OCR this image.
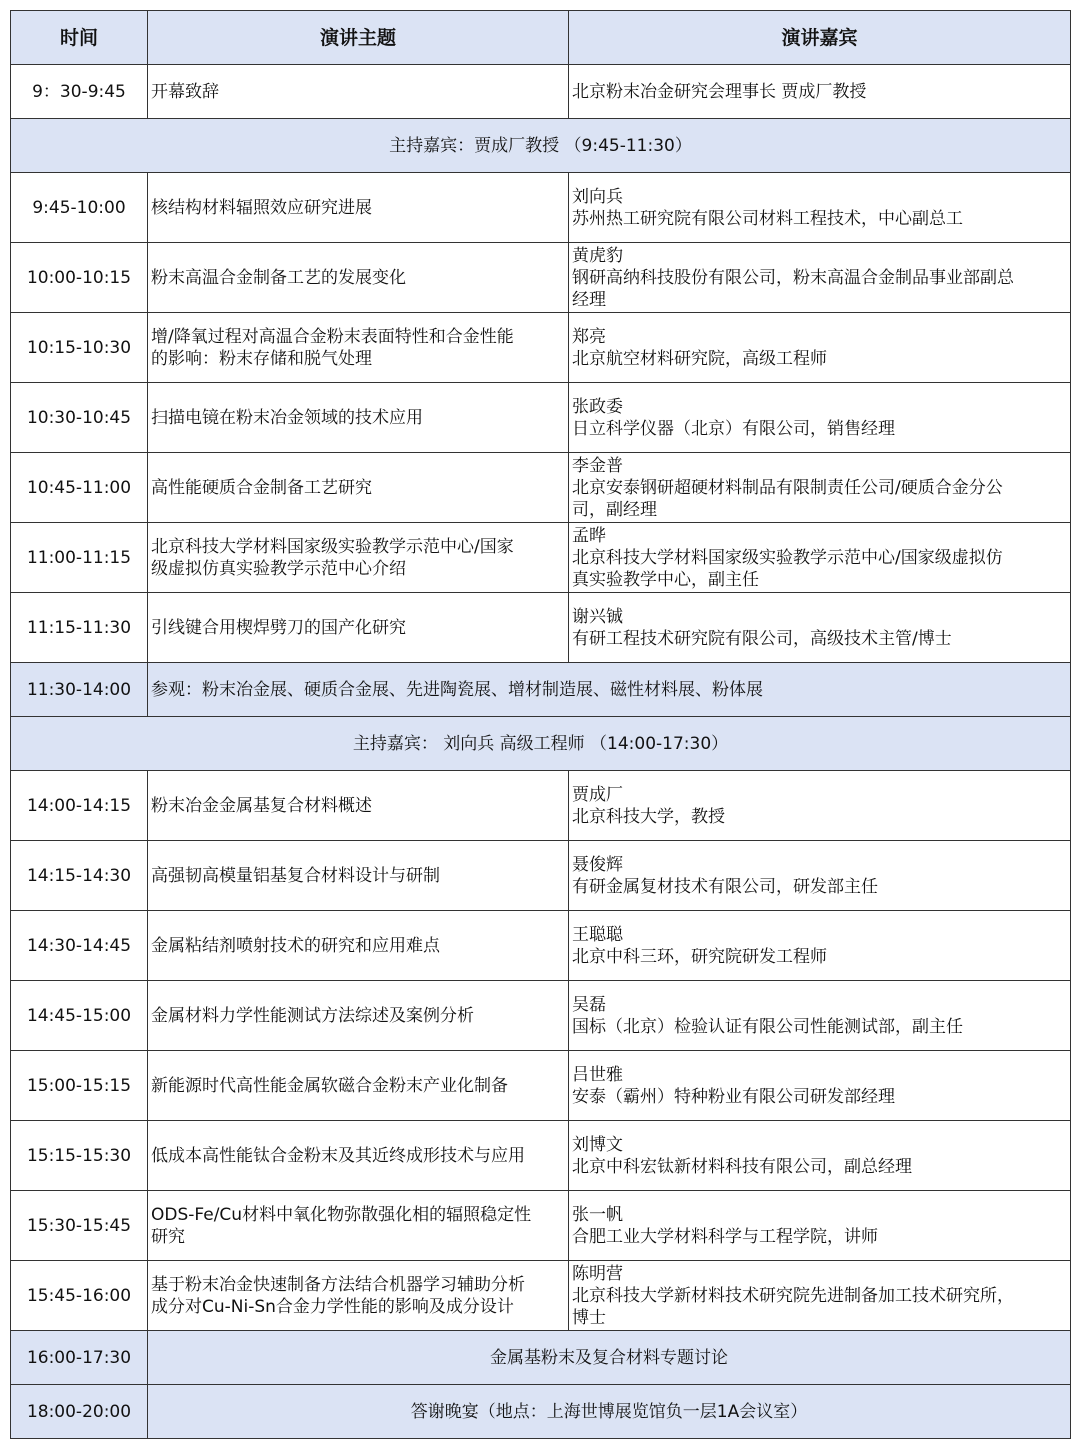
时间	演讲主题	演讲嘉宾
9：30-9:45	开幕致辞	北京粉末冶金研究会理事长 贾成厂教授

主持嘉宾：贾成厂教授 （9:45-11:30）		
9:45-10:00	核结构材料辐照效应研究进展	刘向兵
苏州热工研究院有限公司材料工程技术，中心副总工

10:00-10:15	粉末高温合金制备工艺的发展变化	黄虎豹
钢研高纳科技股份有限公司，粉末高温合金制品事业部副总
经理

10:15-10:30	增/降氧过程对高温合金粉末表面特性和合金性能
的影响：粉末存储和脱气处理	郑亮
北京航空材料研究院，高级工程师

10:30-10:45	扫描电镜在粉末冶金领域的技术应用	张政委
日立科学仪器（北京）有限公司，销售经理

10:45-11:00	高性能硬质合金制备工艺研究	李金普
北京安泰钢研超硬材料制品有限制责任公司/硬质合金分公
司，副经理

11:00-11:15	北京科技大学材料国家级实验教学示范中心/国家
级虚拟仿真实验教学示范中心介绍	孟晔
北京科技大学材料国家级实验教学示范中心/国家级虚拟仿
真实验教学中心，副主任

11:15-11:30	引线键合用楔焊劈刀的国产化研究	谢兴铖
有研工程技术研究院有限公司，高级技术主管/博士

11:30-14:00	参观：粉末冶金展、硬质合金展、先进陶瓷展、增材制造展、磁性材料展、粉体展	
主持嘉宾： 刘向兵 高级工程师 （14:00-17:30）		
14:00-14:15	粉末冶金金属基复合材料概述	贾成厂
北京科技大学，教授

14:15-14:30	高强韧高模量铝基复合材料设计与研制	聂俊辉
有研金属复材技术有限公司，研发部主任

14:30-14:45	金属粘结剂喷射技术的研究和应用难点	王聪聪
北京中科三环，研究院研发工程师

14:45-15:00	金属材料力学性能测试方法综述及案例分析	吴磊
国标（北京）检验认证有限公司性能测试部，副主任

15:00-15:15	新能源时代高性能金属软磁合金粉末产业化制备	吕世雅
安泰（霸州）特种粉业有限公司研发部经理

15:15-15:30	低成本高性能钛合金粉末及其近终成形技术与应用	刘博文
北京中科宏钛新材料科技有限公司，副总经理

15:30-15:45	ODS-Fe/Cu材料中氧化物弥散强化相的辐照稳定性
研究	张一帆
合肥工业大学材料科学与工程学院，讲师

15:45-16:00	基于粉末冶金快速制备方法结合机器学习辅助分析
成分对Cu-Ni-Sn合金力学性能的影响及成分设计	陈明营
北京科技大学新材料技术研究院先进制备加工技术研究所，
博士

16:00-17:30	金属基粉末及复合材料专题讨论	
18:00-20:00	答谢晚宴（地点：上海世博展览馆负一层1A会议室）	
